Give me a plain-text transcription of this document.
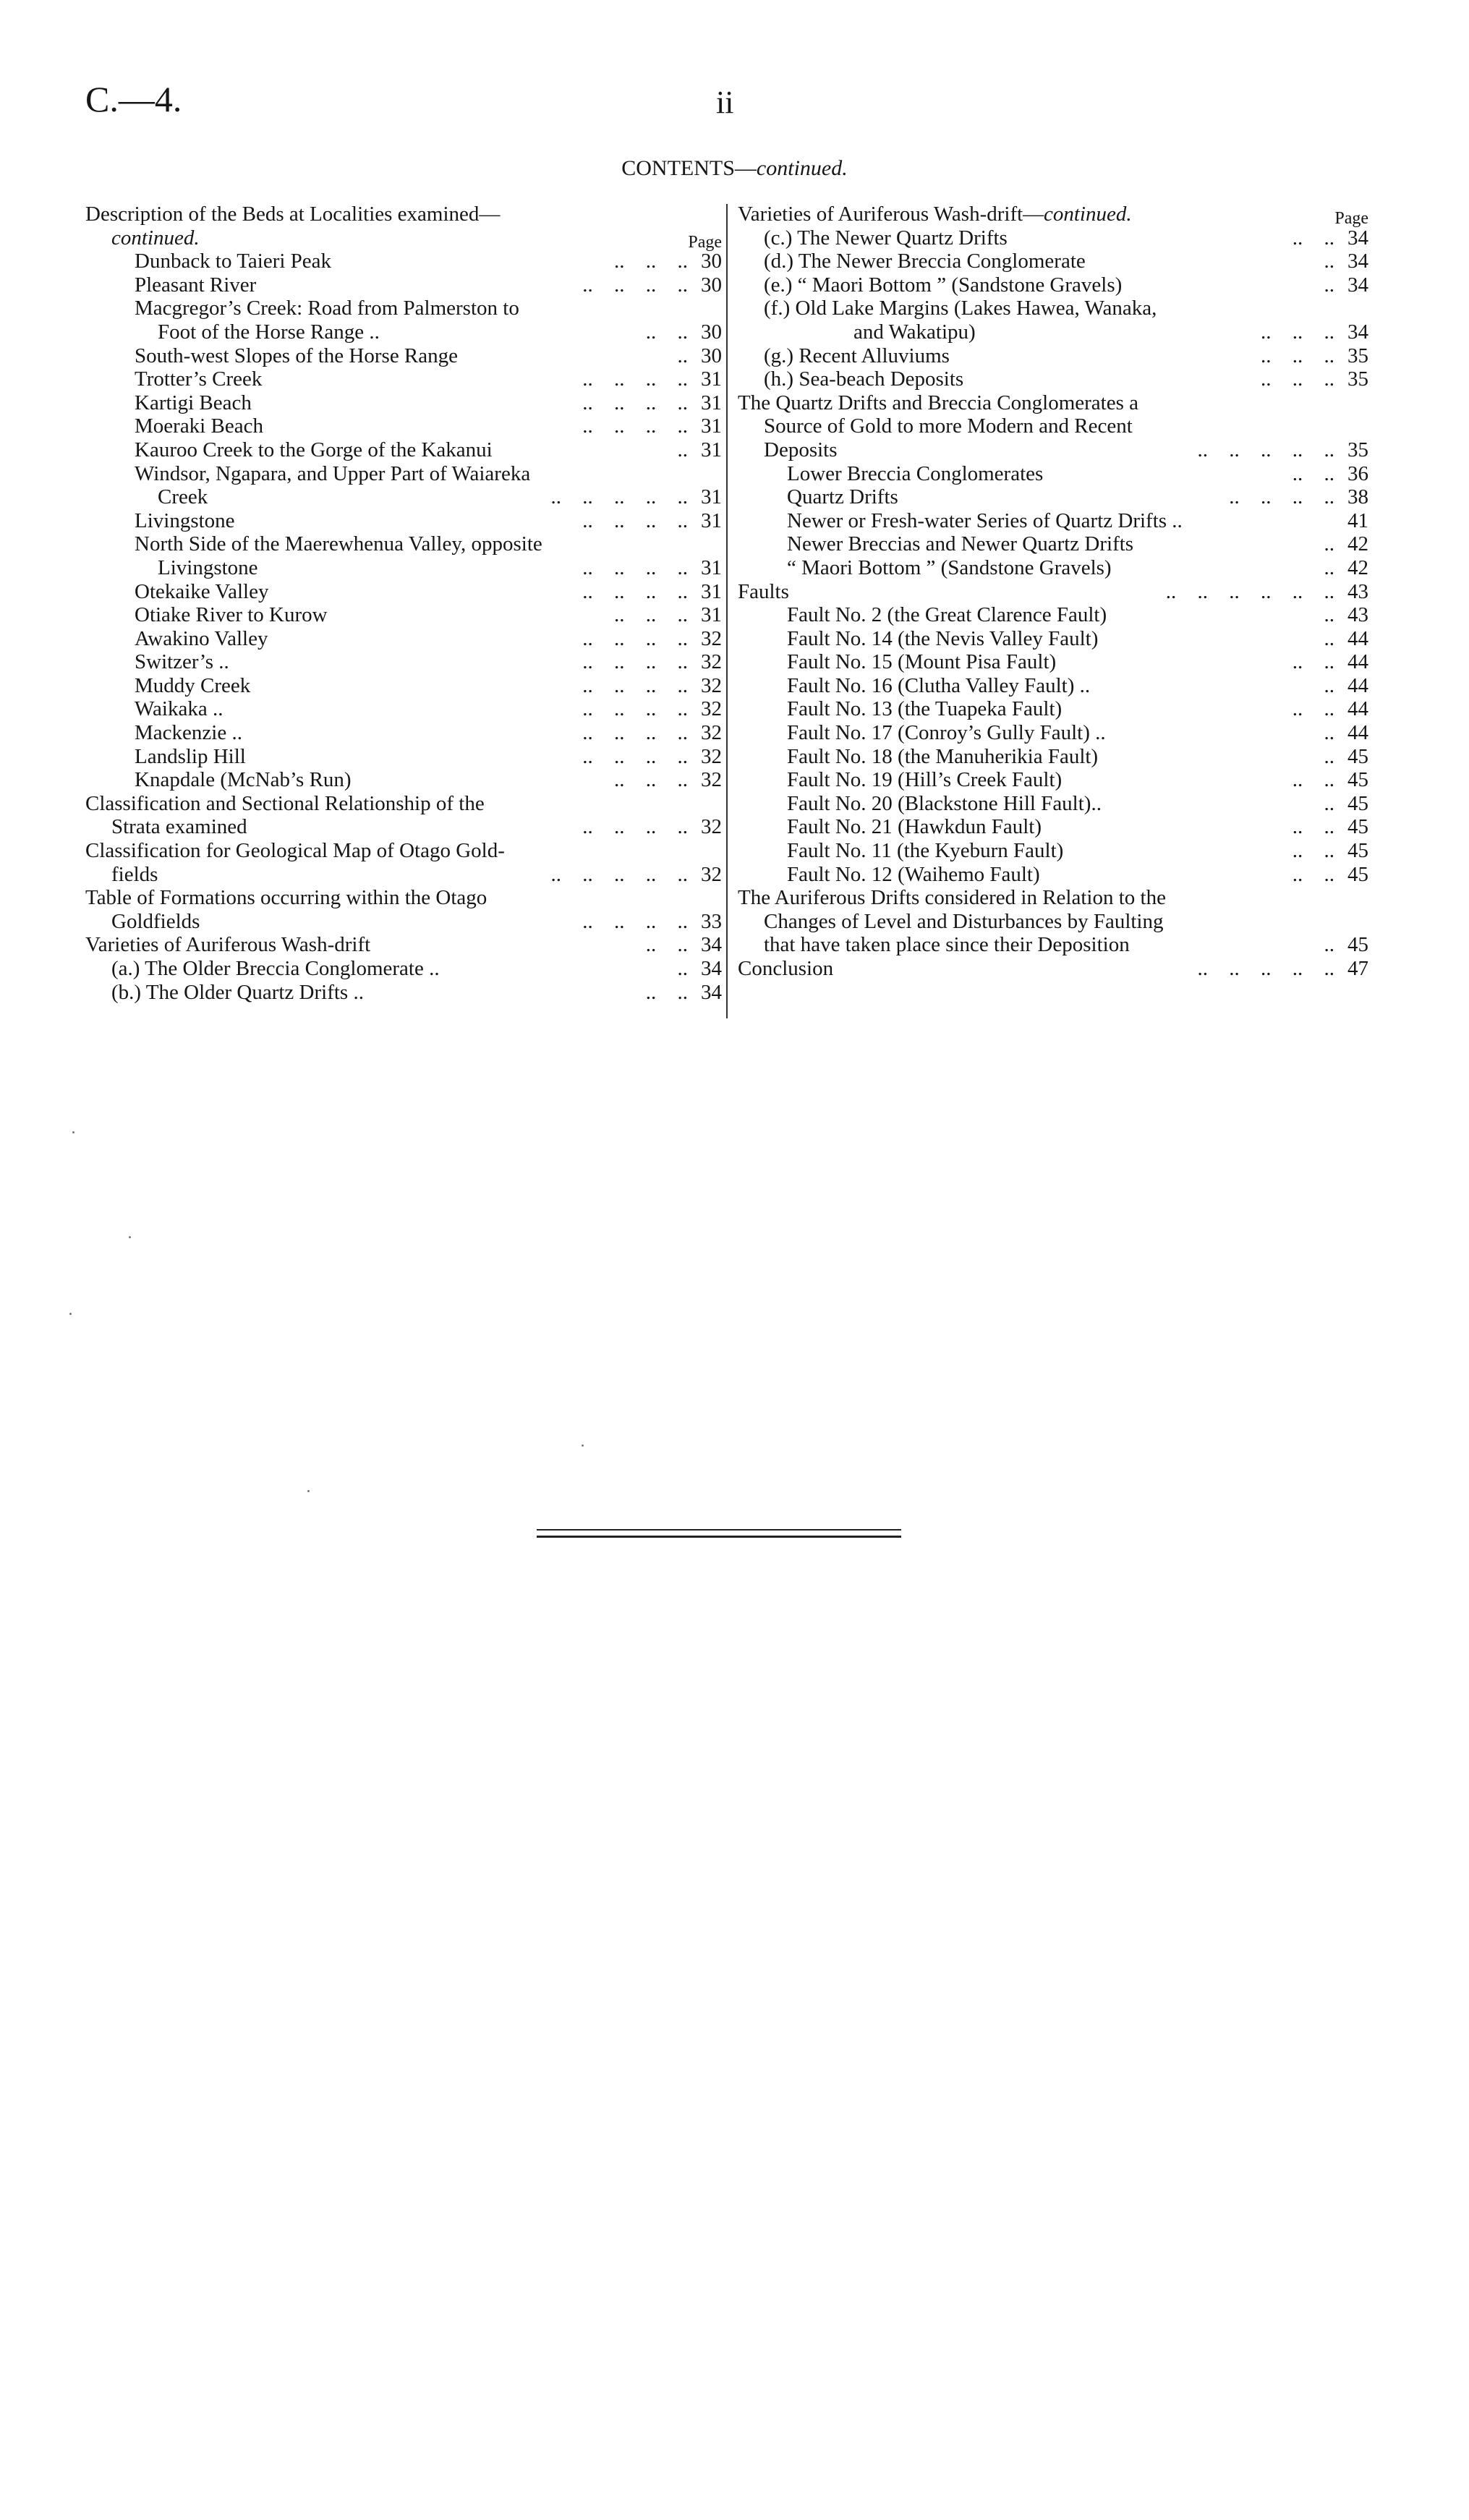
C.—4.	ii
CONTENTS—continued.
Description of the Beds at Localities examined—
continued.	Page
Dunback to Taieri Peak	.. .. .. 30
Pleasant River	.. .. .. .. 30
Macgregor’s Creek: Road from Palmerston to
Foot of the Horse Range ..	.. .. 30
South-west Slopes of the Horse Range	.. 30
Trotter’s Creek	.. .. .. .. 31
Kartigi Beach	.. .. .. .. 31
Moeraki Beach	.. .. .. .. 31
Kauroo Creek to the Gorge of the Kakanui	.. 31
Windsor, Ngapara, and Upper Part of Waiareka
Creek	.. .. .. .. .. 31
Livingstone	.. .. .. .. 31
North Side of the Maerewhenua Valley, opposite
Livingstone	.. .. .. .. 31
Otekaike Valley	.. .. .. .. 31
Otiake River to Kurow	.. .. .. 31
Awakino Valley	.. .. .. .. 32
Switzer’s ..	.. .. .. .. 32
Muddy Creek	.. .. .. .. 32
Waikaka ..	.. .. .. .. 32
Mackenzie ..	.. .. .. .. 32
Landslip Hill	.. .. .. .. 32
Knapdale (McNab’s Run)	.. .. .. 32
Classification and Sectional Relationship of the
Strata examined	.. .. .. .. 32
Classification for Geological Map of Otago Gold-
fields	.. .. .. .. .. 32
Table of Formations occurring within the Otago
Goldfields	.. .. .. .. 33
Varieties of Auriferous Wash-drift	.. .. 34
(a.) The Older Breccia Conglomerate ..	.. 34
(b.) The Older Quartz Drifts ..	.. .. 34
Varieties of Auriferous Wash-drift— continued.	Page
(c.) The Newer Quartz Drifts	.. .. 34
(d.) The Newer Breccia Conglomerate	.. 34
(e.) “ Maori Bottom ” (Sandstone Gravels)	.. 34
(f.) Old Lake Margins (Lakes Hawea, Wanaka,
and Wakatipu)	.. .. .. 34
(g.) Recent Alluviums	.. .. .. 35
(h.) Sea-beach Deposits	.. .. .. 35
The Quartz Drifts and Breccia Conglomerates a
Source of Gold to more Modern and Recent
Deposits	.. .. .. .. .. 35
Lower Breccia Conglomerates	.. .. 36
Quartz Drifts	.. .. .. .. 38
Newer or Fresh-water Series of Quartz Drifts ..	41
Newer Breccias and Newer Quartz Drifts	.. 42
“ Maori Bottom ” (Sandstone Gravels)	.. 42
Faults	.. .. .. .. .. .. 43
Fault No. 2 (the Great Clarence Fault)	.. 43
Fault No. 14 (the Nevis Valley Fault)	.. 44
Fault No. 15 (Mount Pisa Fault)	.. .. 44
Fault No. 16 (Clutha Valley Fault) ..	.. 44
Fault No. 13 (the Tuapeka Fault)	.. .. 44
Fault No. 17 (Conroy’s Gully Fault) ..	.. 44
Fault No. 18 (the Manuherikia Fault)	.. 45
Fault No. 19 (Hill’s Creek Fault)	.. .. 45
Fault No. 20 (Blackstone Hill Fault)..	.. 45
Fault No. 21 (Hawkdun Fault)	.. .. 45
Fault No. 11 (the Kyeburn Fault)	.. .. 45
Fault No. 12 (Waihemo Fault)	.. .. 45
The Auriferous Drifts considered in Relation to the
Changes of Level and Disturbances by Faulting
that have taken place since their Deposition	.. 45
Conclusion	.. .. .. .. .. 47
